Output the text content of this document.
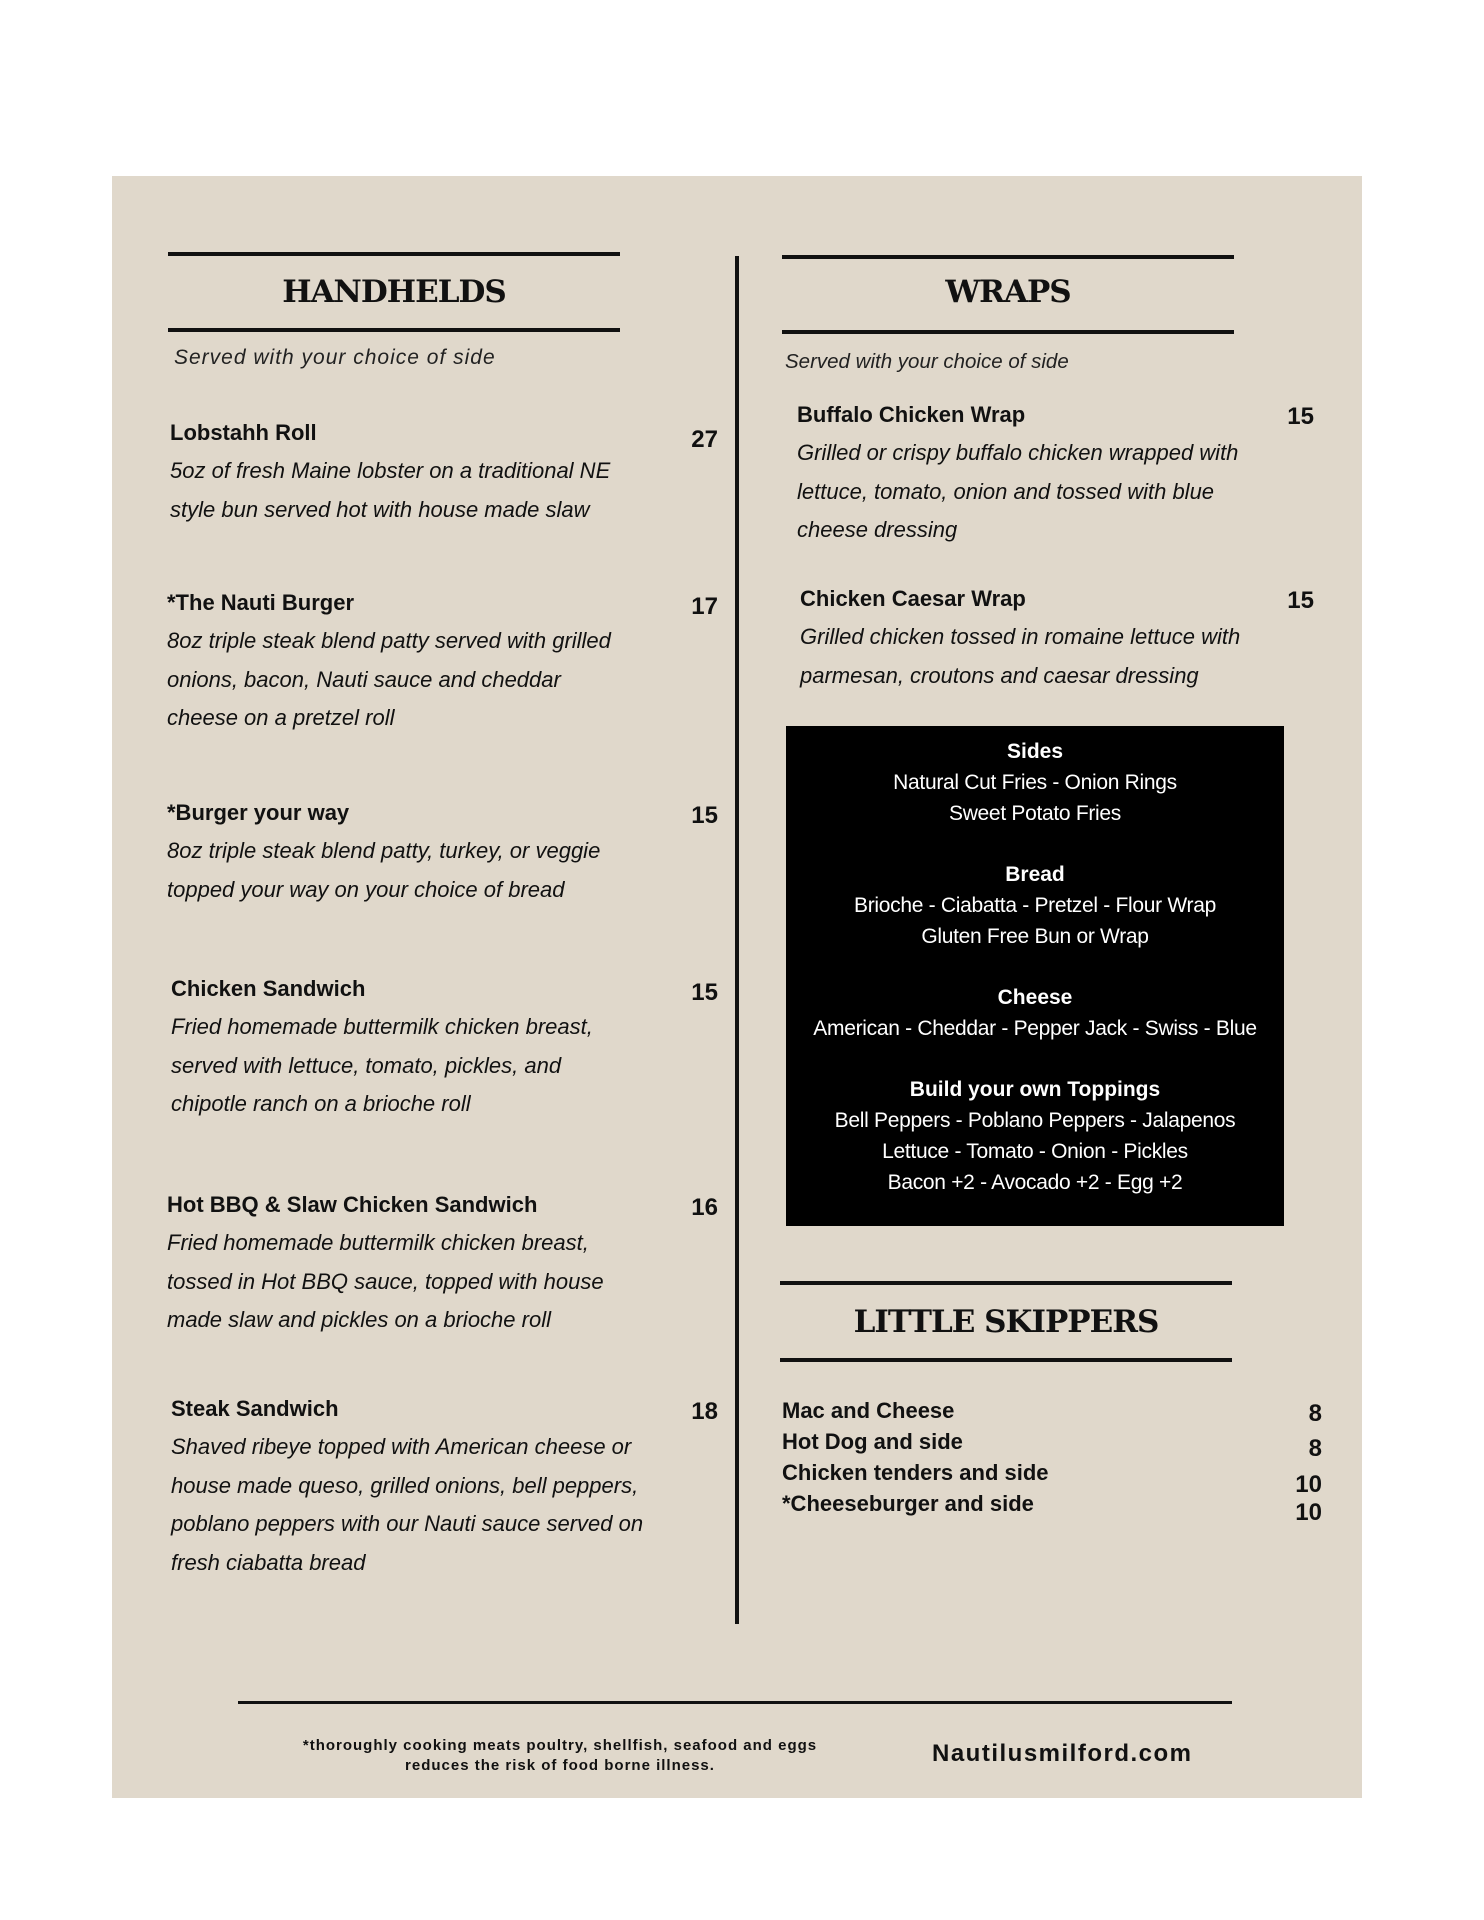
HANDHELDS
Served with your choice of side
Lobstahh Roll
5oz of fresh Maine lobster on a traditional NE style bun served hot with house made slaw
27
*The Nauti Burger
8oz triple steak blend patty served with grilled onions, bacon, Nauti sauce and cheddar cheese on a pretzel roll
17
*Burger your way
8oz triple steak blend patty, turkey, or veggie topped your way on your choice of bread
15
Chicken Sandwich
Fried homemade buttermilk chicken breast, served with lettuce, tomato, pickles, and chipotle ranch on a brioche roll
15
Hot BBQ & Slaw Chicken Sandwich
Fried homemade buttermilk chicken breast, tossed in Hot BBQ sauce, topped with house made slaw and pickles on a brioche roll
16
Steak Sandwich
Shaved ribeye topped with American cheese or house made queso, grilled onions, bell peppers, poblano peppers with our Nauti sauce served on fresh ciabatta bread
18
WRAPS
Served with your choice of side
Buffalo Chicken Wrap
Grilled or crispy buffalo chicken wrapped with lettuce, tomato, onion and tossed with blue cheese dressing
15
Chicken Caesar Wrap
Grilled chicken tossed in romaine lettuce with parmesan, croutons and caesar dressing
15
Sides
Natural Cut Fries - Onion Rings
Sweet Potato Fries
Bread
Brioche - Ciabatta - Pretzel - Flour Wrap
Gluten Free Bun or Wrap
Cheese
American - Cheddar - Pepper Jack - Swiss - Blue
Build your own Toppings
Bell Peppers - Poblano Peppers - Jalapenos
Lettuce - Tomato - Onion - Pickles
Bacon +2 - Avocado +2 - Egg +2
LITTLE SKIPPERS
Mac and Cheese	8
Hot Dog and side	8
Chicken tenders and side	10
*Cheeseburger and side	10
*thoroughly cooking meats poultry, shellfish, seafood and eggs
reduces the risk of food borne illness.	Nautilusmilford.com
